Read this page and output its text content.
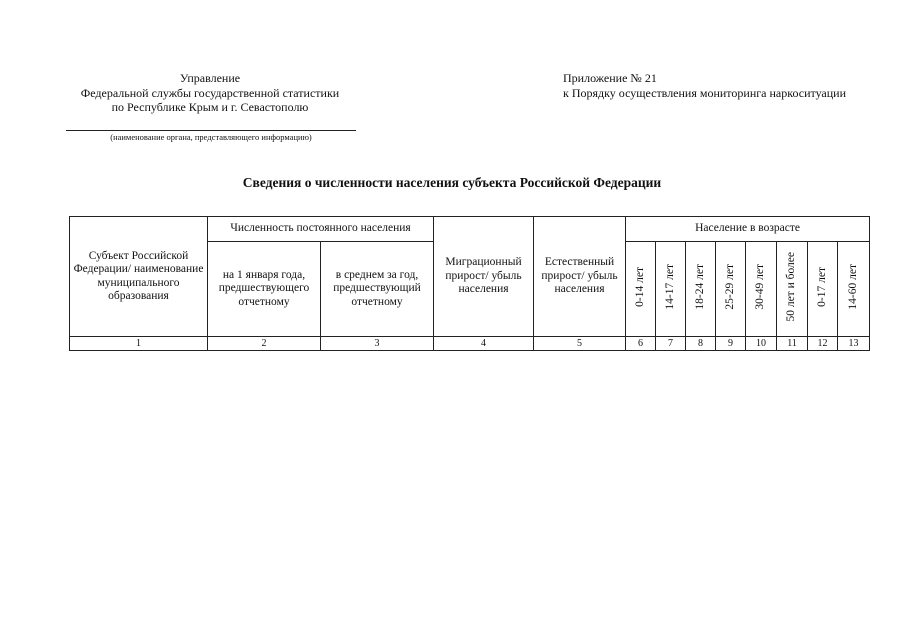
Управление
Федеральной службы государственной статистики
по Республике Крым и г. Севастополю
(наименование органа, представляющего информацию)
Приложение № 21
к Порядку осуществления мониторинга наркоситуации
Сведения о численности населения субъекта Российской Федерации
Субъект Российской Федерации/ наименование муниципального образования	Численность постоянного населения		Миграционный прирост/ убыль населения	Естественный прирост/ убыль населения	Население в возрасте							
	на 1 января года, предшествующего отчетному	в среднем за год, предшествующий отчетному			0-14 лет	14-17 лет	18-24 лет	25-29 лет	30-49 лет	50 лет и более	0-17 лет	14-60 лет
1	2	3	4	5	6	7	8	9	10	11	12	13
